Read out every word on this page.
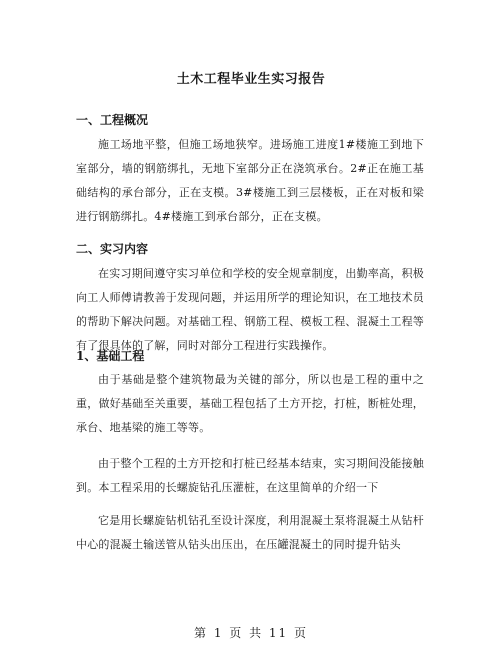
土木工程毕业生实习报告
一、工程概况
施工场地平整，但施工场地狭窄。进场施工进度1#楼施工到地下室部分，墙的钢筋绑扎，无地下室部分正在浇筑承台。2#正在施工基础结构的承台部分，正在支模。3#楼施工到三层楼板，正在对板和梁进行钢筋绑扎。4#楼施工到承台部分，正在支模。
二、实习内容
在实习期间遵守实习单位和学校的安全规章制度，出勤率高，积极向工人师傅请教善于发现问题，并运用所学的理论知识，在工地技术员的帮助下解决问题。对基础工程、钢筋工程、模板工程、混凝土工程等有了很具体的了解，同时对部分工程进行实践操作。
1、基础工程
由于基础是整个建筑物最为关键的部分，所以也是工程的重中之重，做好基础至关重要，基础工程包括了土方开挖，打桩，断桩处理，承台、地基梁的施工等等。
由于整个工程的土方开挖和打桩已经基本结束，实习期间没能接触到。本工程采用的长螺旋钻孔压灌桩，在这里简单的介绍一下
它是用长螺旋钻机钻孔至设计深度，利用混凝土泵将混凝土从钻杆中心的混凝土输送管从钻头出压出，在压罐混凝土的同时提升钻头
第 1 页 共 11 页
